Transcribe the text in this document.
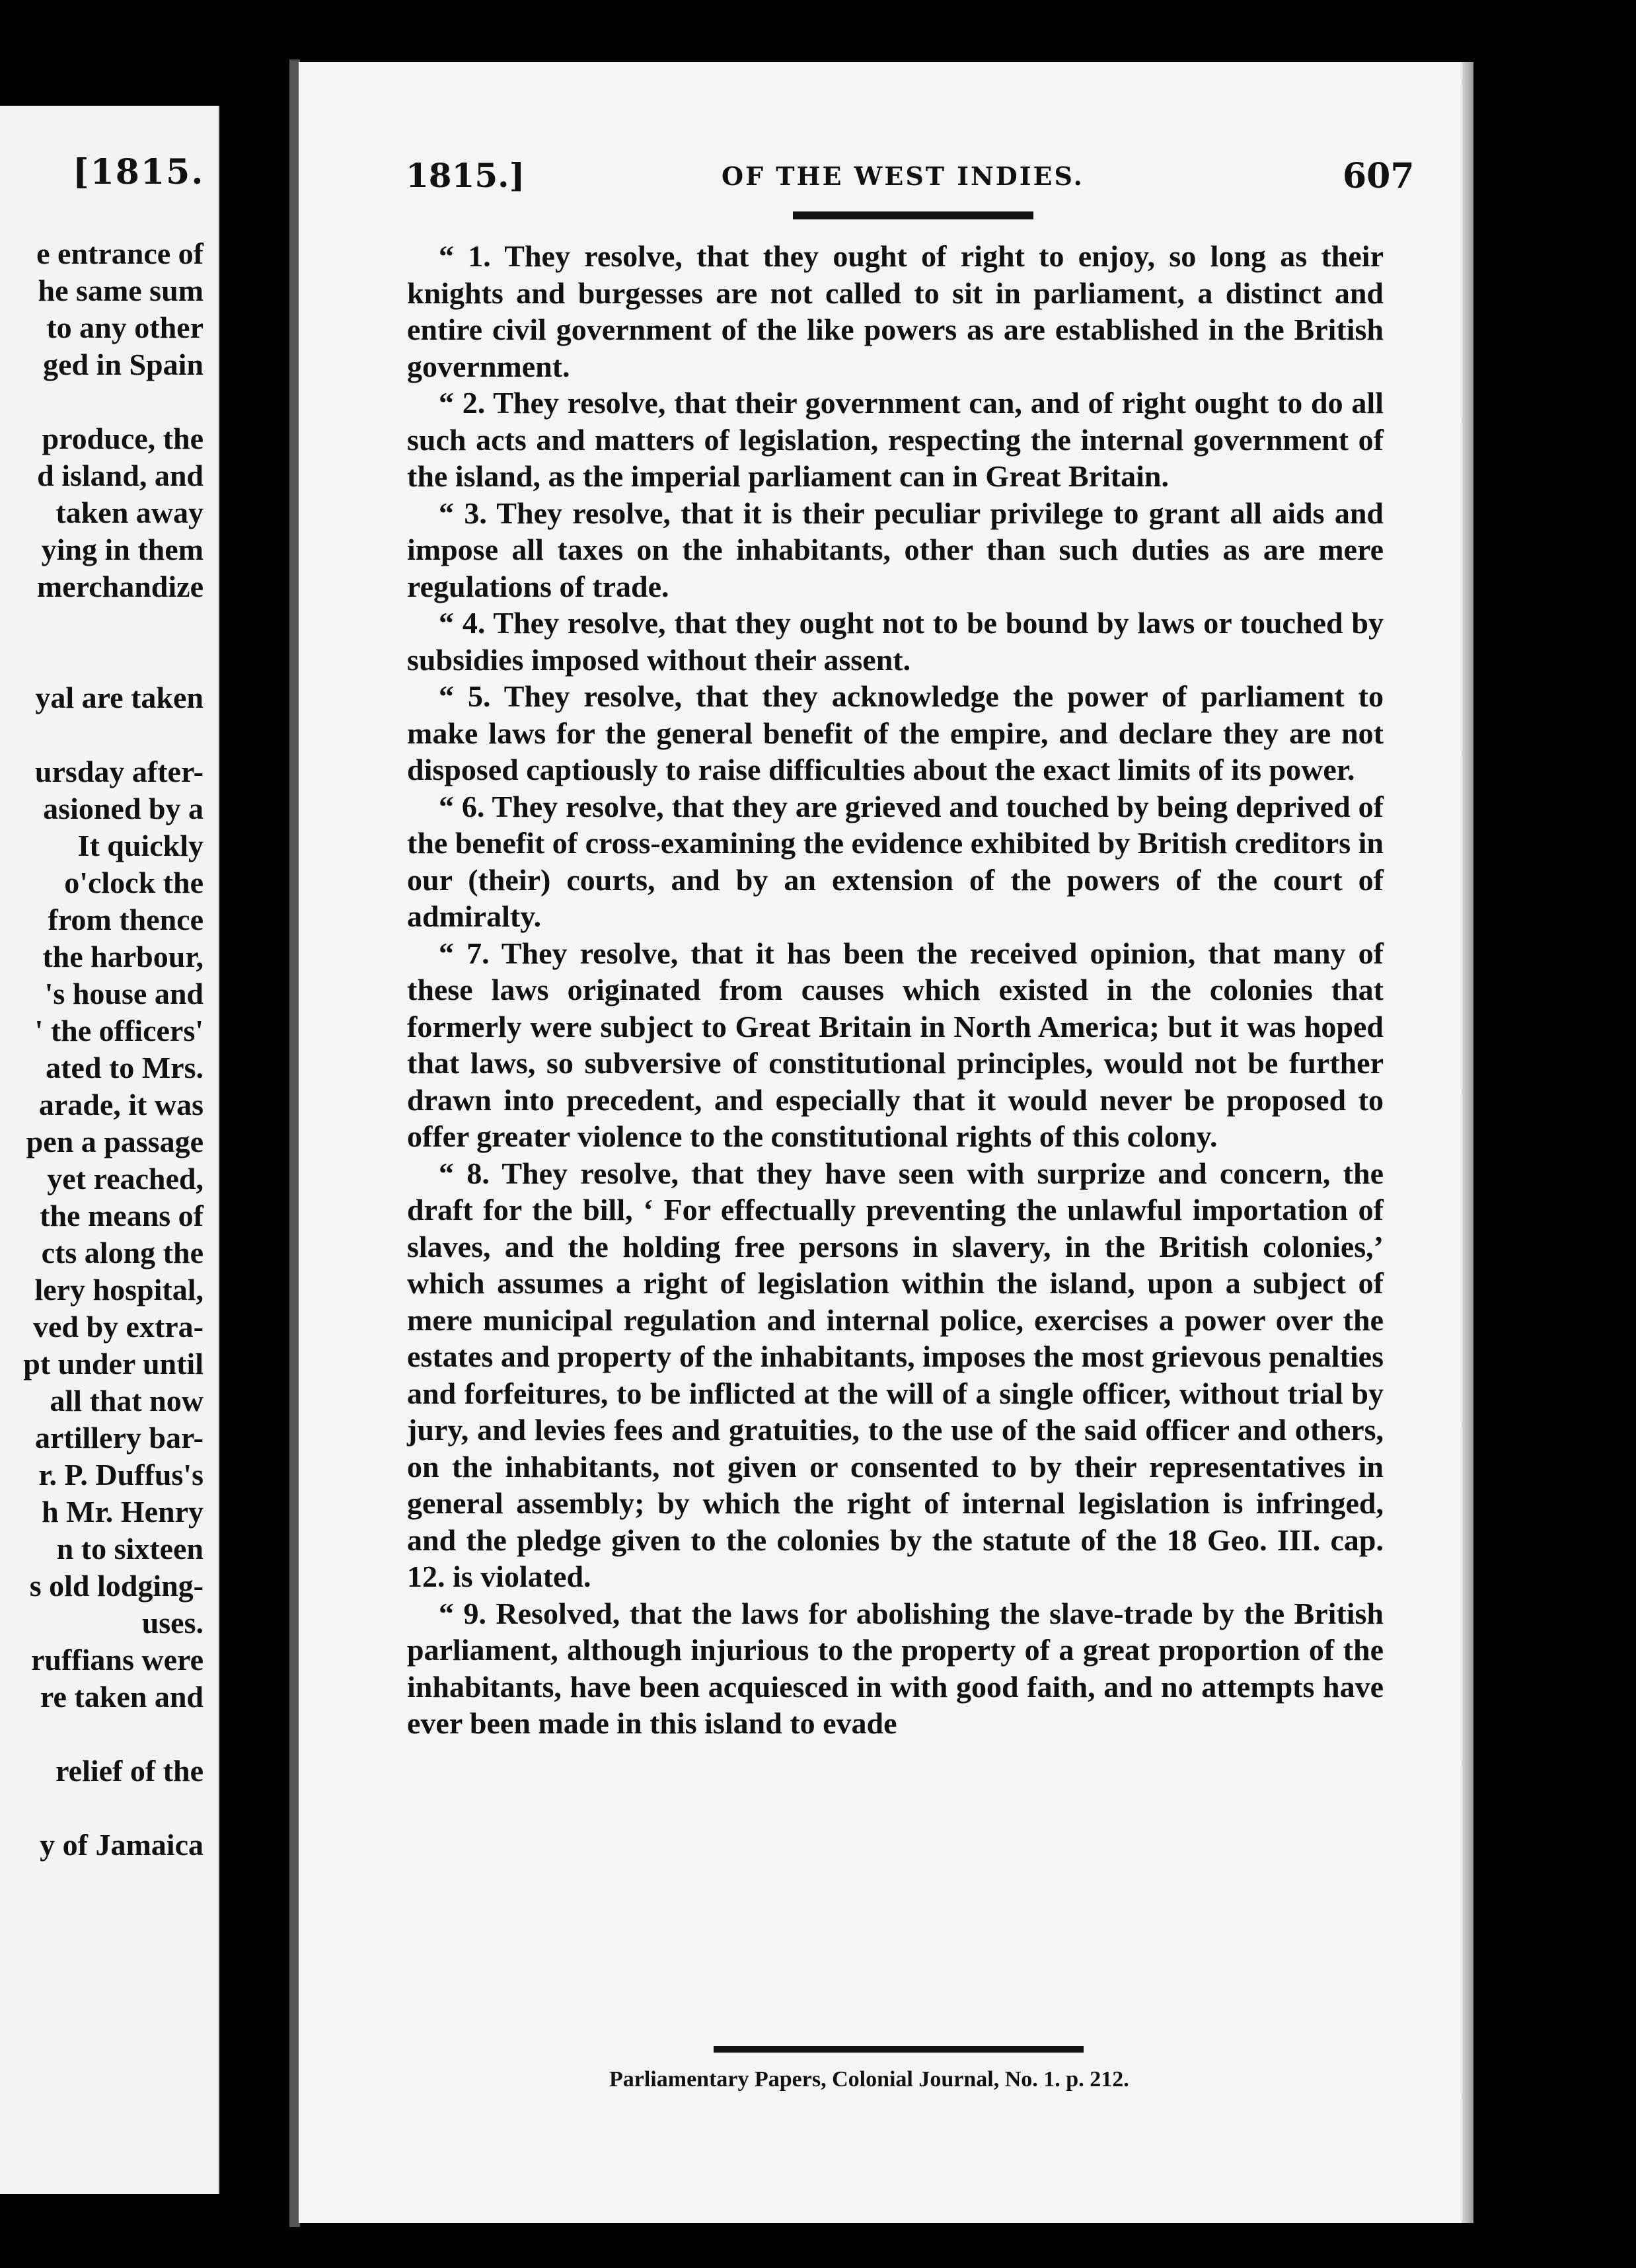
[1815.
e entrance of
he same sum
to any other
ged in Spain
produce, the
d island, and
taken away
ying in them
merchandize
yal are taken
ursday after-
asioned by a
It quickly
o'clock the
from thence
the harbour,
's house and
' the officers'
ated to Mrs.
arade, it was
pen a passage
yet reached,
the means of
cts along the
lery hospital,
ved by extra-
pt under until
all that now
artillery bar-
r. P. Duffus's
h Mr. Henry
n to sixteen
s old lodging-
uses.
ruffians were
re taken and
relief of the
y of Jamaica
1815.]	OF THE WEST INDIES.	607

“ 1. They resolve, that they ought of right to enjoy, so long as their knights and burgesses are not called to sit in parliament, a distinct and entire civil government of the like powers as are established in the British government.

“ 2. They resolve, that their government can, and of right ought to do all such acts and matters of legislation, respecting the internal government of the island, as the imperial parliament can in Great Britain.

“ 3. They resolve, that it is their peculiar privilege to grant all aids and impose all taxes on the inhabitants, other than such duties as are mere regulations of trade.

“ 4. They resolve, that they ought not to be bound by laws or touched by subsidies imposed without their assent.

“ 5. They resolve, that they acknowledge the power of parliament to make laws for the general benefit of the empire, and declare they are not disposed captiously to raise difficulties about the exact limits of its power.

“ 6. They resolve, that they are grieved and touched by being deprived of the benefit of cross-examining the evidence exhibited by British creditors in our (their) courts, and by an extension of the powers of the court of admiralty.

“ 7. They resolve, that it has been the received opinion, that many of these laws originated from causes which existed in the colonies that formerly were subject to Great Britain in North America; but it was hoped that laws, so subversive of constitutional principles, would not be further drawn into precedent, and especially that it would never be proposed to offer greater violence to the constitutional rights of this colony.

“ 8. They resolve, that they have seen with surprize and concern, the draft for the bill, ‘ For effectually preventing the unlawful importation of slaves, and the holding free persons in slavery, in the British colonies,’ which assumes a right of legislation within the island, upon a subject of mere municipal regulation and internal police, exercises a power over the estates and property of the inhabitants, imposes the most grievous penalties and forfeitures, to be inflicted at the will of a single officer, without trial by jury, and levies fees and gratuities, to the use of the said officer and others, on the inhabitants, not given or consented to by their representatives in general assembly; by which the right of internal legislation is infringed, and the pledge given to the colonies by the statute of the 18 Geo. III. cap. 12. is violated.

“ 9. Resolved, that the laws for abolishing the slave-trade by the British parliament, although injurious to the property of a great proportion of the inhabitants, have been acquiesced in with good faith, and no attempts have ever been made in this island to evade

Parliamentary Papers, Colonial Journal, No. 1. p. 212.
